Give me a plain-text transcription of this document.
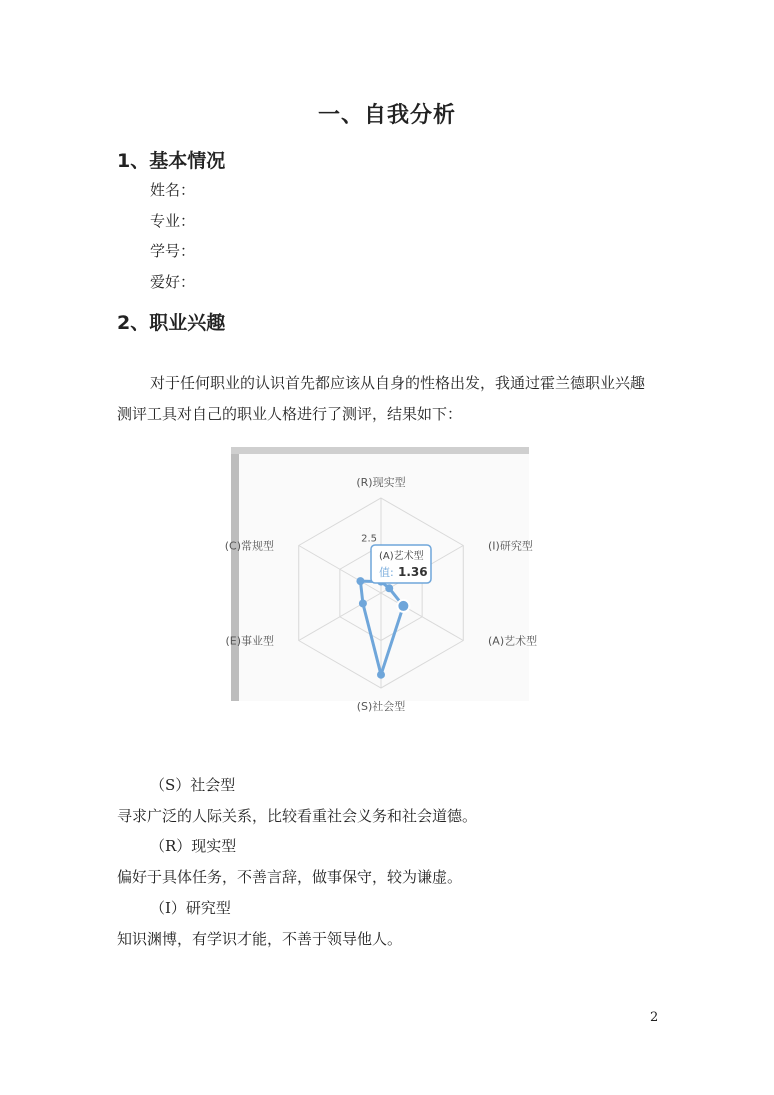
一、自我分析
1、基本情况
姓名：
专业：
学号：
爱好：
2、职业兴趣
对于任何职业的认识首先都应该从自身的性格出发，我通过霍兰德职业兴趣
测评工具对自己的职业人格进行了测评，结果如下：
2.5
(R)现实型
(I)研究型
(A)艺术型
(S)社会型
(E)事业型
(C)常规型
(A)艺术型
值: 1.36
（S）社会型
寻求广泛的人际关系，比较看重社会义务和社会道德。
（R）现实型
偏好于具体任务，不善言辞，做事保守，较为谦虚。
（I）研究型
知识渊博，有学识才能，不善于领导他人。
2
